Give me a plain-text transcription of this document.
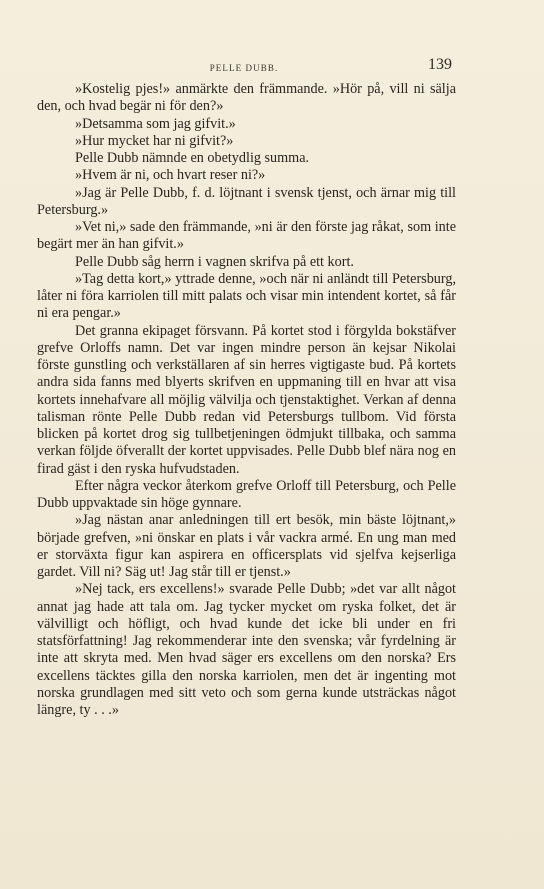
PELLE DUBB.	139

»Kostelig pjes!» anmärkte den främmande. »Hör på, vill ni sälja den, och hvad begär ni för den?»

»Detsamma som jag gifvit.»

»Hur mycket har ni gifvit?»

Pelle Dubb nämnde en obetydlig summa.

»Hvem är ni, och hvart reser ni?»

»Jag är Pelle Dubb, f. d. löjtnant i svensk tjenst, och ärnar mig till Petersburg.»

»Vet ni,» sade den främmande, »ni är den förste jag råkat, som inte begärt mer än han gifvit.»

Pelle Dubb såg herrn i vagnen skrifva på ett kort.

»Tag detta kort,» yttrade denne, »och när ni anländt till Petersburg, låter ni föra karriolen till mitt palats och visar min intendent kortet, så får ni era pengar.»

Det granna ekipaget försvann. På kortet stod i förgylda bokstäfver grefve Orloffs namn. Det var ingen mindre person än kejsar Nikolai förste gunstling och verkställaren af sin herres vigtigaste bud. På kortets andra sida fanns med blyerts skrifven en uppmaning till en hvar att visa kortets innehafvare all möjlig välvilja och tjenstaktighet. Verkan af denna talisman rönte Pelle Dubb redan vid Petersburgs tullbom. Vid första blicken på kortet drog sig tullbetjeningen ödmjukt tillbaka, och samma verkan följde öfverallt der kortet uppvisades. Pelle Dubb blef nära nog en firad gäst i den ryska hufvudstaden.

Efter några veckor återkom grefve Orloff till Petersburg, och Pelle Dubb uppvaktade sin höge gynnare.

»Jag nästan anar anledningen till ert besök, min bäste löjtnant,» började grefven, »ni önskar en plats i vår vackra armé. En ung man med er storväxta figur kan aspirera en officersplats vid sjelfva kejserliga gardet. Vill ni? Säg ut! Jag står till er tjenst.»

»Nej tack, ers excellens!» svarade Pelle Dubb; »det var allt något annat jag hade att tala om. Jag tycker mycket om ryska folket, det är välvilligt och höfligt, och hvad kunde det icke bli under en fri statsförfattning! Jag rekommenderar inte den svenska; vår fyrdelning är inte att skryta med. Men hvad säger ers excellens om den norska? Ers excellens täcktes gilla den norska karriolen, men det är ingenting mot norska grundlagen med sitt veto och som gerna kunde utsträckas något längre, ty . . .»
